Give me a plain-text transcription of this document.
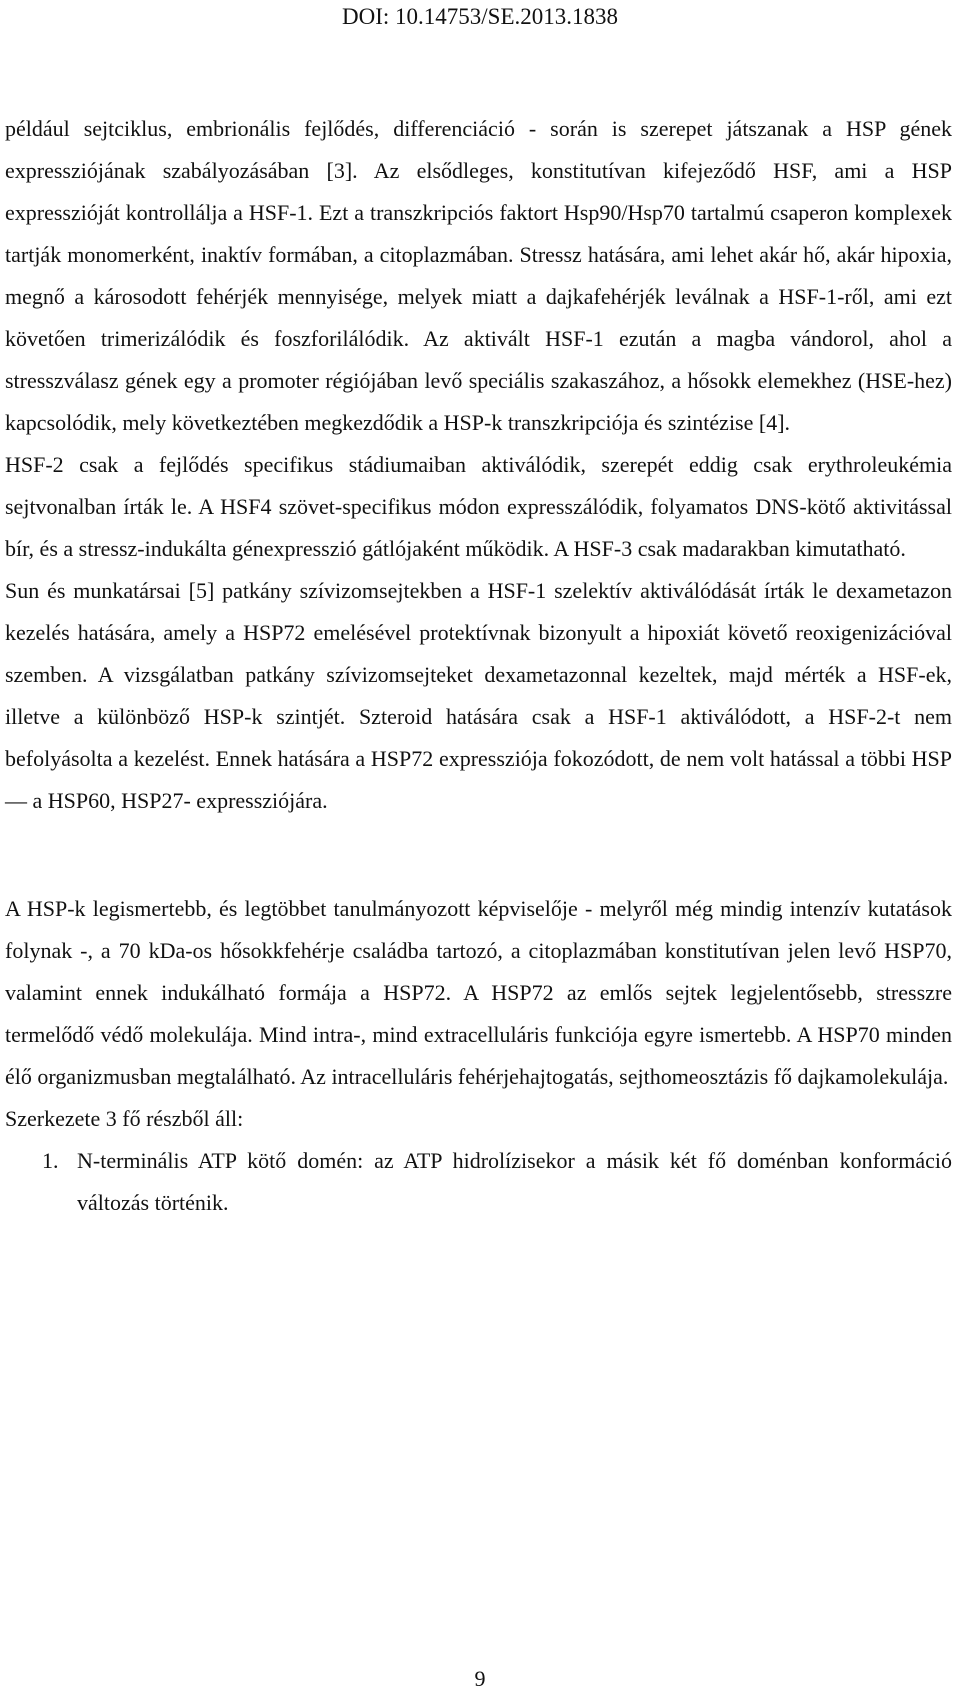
DOI: 10.14753/SE.2013.1838

például sejtciklus, embrionális fejlődés, differenciáció - során is szerepet játszanak a HSP gének expressziójának szabályozásában [3]. Az elsődleges, konstitutívan kifejeződő HSF, ami a HSP expresszióját kontrollálja a HSF-1. Ezt a transzkripciós faktort Hsp90/Hsp70 tartalmú csaperon komplexek tartják monomerként, inaktív formában, a citoplazmában. Stressz hatására, ami lehet akár hő, akár hipoxia, megnő a károsodott fehérjék mennyisége, melyek miatt a dajkafehérjék leválnak a HSF-1-ről, ami ezt követően trimerizálódik és foszforilálódik. Az aktivált HSF-1 ezután a magba vándorol, ahol a stresszválasz gének egy a promoter régiójában levő speciális szakaszához, a hősokk elemekhez (HSE-hez) kapcsolódik, mely következtében megkezdődik a HSP-k transzkripciója és szintézise [4].

HSF-2 csak a fejlődés specifikus stádiumaiban aktiválódik, szerepét eddig csak erythroleukémia sejtvonalban írták le. A HSF4 szövet-specifikus módon expresszálódik, folyamatos DNS-kötő aktivitással bír, és a stressz-indukálta génexpresszió gátlójaként működik. A HSF-3 csak madarakban kimutatható.

Sun és munkatársai [5] patkány szívizomsejtekben a HSF-1 szelektív aktiválódását írták le dexametazon kezelés hatására, amely a HSP72 emelésével protektívnak bizonyult a hipoxiát követő reoxigenizációval szemben. A vizsgálatban patkány szívizomsejteket dexametazonnal kezeltek, majd mérték a HSF-ek, illetve a különböző HSP-k szintjét. Szteroid hatására csak a HSF-1 aktiválódott, a HSF-2-t nem befolyásolta a kezelést. Ennek hatására a HSP72 expressziója fokozódott, de nem volt hatással a többi HSP — a HSP60, HSP27- expressziójára.

A HSP-k legismertebb, és legtöbbet tanulmányozott képviselője - melyről még mindig intenzív kutatások folynak -, a 70 kDa-os hősokkfehérje családba tartozó, a citoplazmában konstitutívan jelen levő HSP70, valamint ennek indukálható formája a HSP72. A HSP72 az emlős sejtek legjelentősebb, stresszre termelődő védő molekulája. Mind intra-, mind extracelluláris funkciója egyre ismertebb. A HSP70 minden élő organizmusban megtalálható. Az intracelluláris fehérjehajtogatás, sejthomeosztázis fő dajkamolekulája.

Szerkezete 3 fő részből áll:

1. N-terminális ATP kötő domén: az ATP hidrolízisekor a másik két fő doménban konformáció változás történik.
9
